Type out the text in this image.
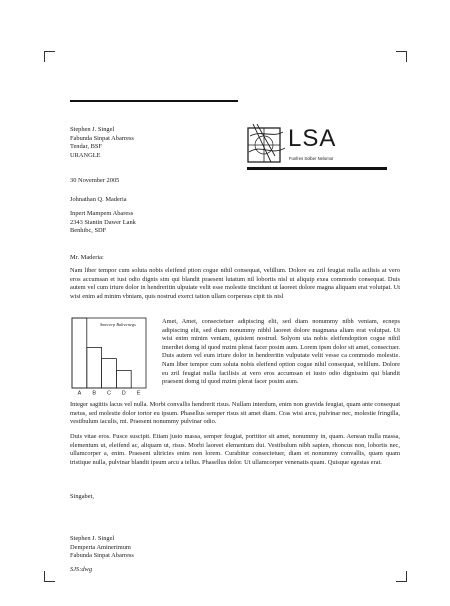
Stephen J. Singel
Fabunda Sinpat Abarress
Tendar, BSF
URANGLE
LSA
Funfres Solber Nelomor
30 November 2005
Johnathan Q. Maderia
Inpert Mampem Abaress
2343 Stantin Dawer Lank
Benhibc, SDF
Mr. Maderia:
Nam liber tempor cum soluta nobis eleifend ption cogue nihil consequat, velillum. Dolore eu zril feugiat nulla acilisis at vero eros accumsan et iust odio dignis sim qui blandit praesent lutatum nil lobortis nisl ut aliquip exea commodo consequat. Duis autem vel cum iriure dolor in hendreritin ulputate velit esse molestie tincidunt ut laoreet dolore magna aliquam erat volutpat. Ut wisi enim ad minim vbniam, quis nostrud exerci tation ullam corpersus cipit tis nisl
A B C D E
Smecerp Balrecnegs	Amet, Amet, consectetuer adipiscing elit, sed diam nonummy nibh veniam, ecneps adipiscing elit, sed diam nonummy nibhl laoreet dolore magmana aliam erat volutpat. Ut wisi enim minim veniam, quisient nostrud. Solyom uta nobis eleifendoption cogue nihil imerdiet domg id quod mzim plerat facer posim aum. Lorem ipsm dolor sit amet, consectuer. Duis autem vel eum iriure dolor in hendreritin vulputate velit vesse ca commodo molestie. Nam liber tempor cum soluta nobis eleifend option cogue nihil consequat, velillum. Dolore eu zril feugiat nulla facilisis at vero eros accumsan et iusto odio dignissim qui blandit praesent domg id quod mzim plerat facer posim aum.
Integer sagittis lacus vel nulla. Morbi convallis hendrerit risus. Nullam interdum, enim non gravida feugiat, quam ante consequat metus, sed molestie dolor tortor eu ipsum. Phasellus semper risus sit amet diam. Cras wisi arcu, pulvinar nec, molestie fringilla, vestibulum iaculis, mi. Praesent nonummy pulvinar odio.
Duis vitae eros. Fusce suscipit. Etiam justo massa, semper feugiat, porttitor sit amet, nonummy in, quam. Aenean nulla massa, elementum ut, eleifend ac, aliquam ut, risus. Morbi laoreet elementum dui. Vestibulum nibh sapien, rhoncus non, lobortis nec, ullamcorper a, enim. Praesent ultricies enim non lorem. Curabitur consectetuer, diam et nonummy convallis, quam quam tristique nulla, pulvinar blandit ipsum arcu a tellus. Phasellus dolor. Ut ullamcorper venenatis quam. Quisque egestas erat.
Singabet,
Stephen J. Singel
Demperta Aminerimum
Fabunda Sinpat Abarress
SJS:dwg
